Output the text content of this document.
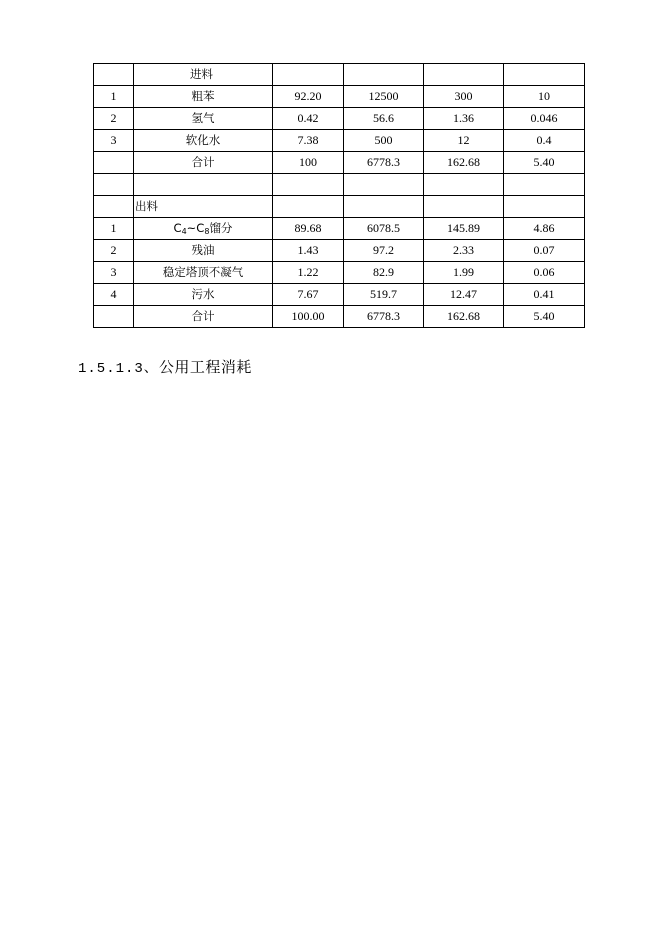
	进料				
1	粗苯	92.20	12500	300	10
2	氢气	0.42	56.6	1.36	0.046
3	软化水	7.38	500	12	0.4
	合计	100	6778.3	162.68	5.40

	出料				
1	$C_4\sim C_8$馏分	89.68	6078.5	145.89	4.86
2	残油	1.43	97.2	2.33	0.07
3	稳定塔顶不凝气	1.22	82.9	1.99	0.06
4	污水	7.67	519.7	12.47	0.41
	合计	100.00	6778.3	162.68	5.40
1.5.1.3、公用工程消耗
